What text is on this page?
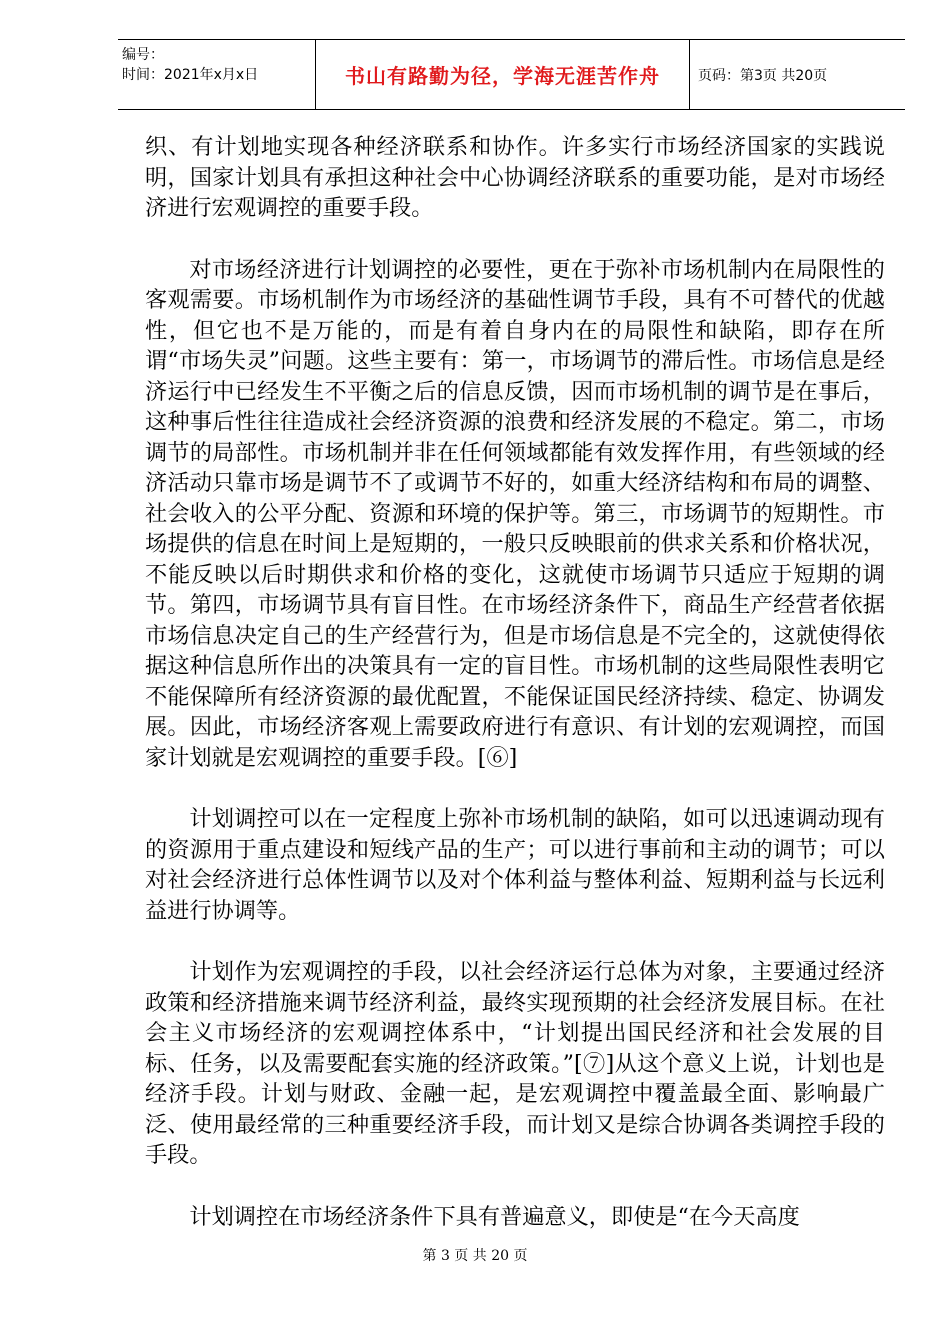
编号：
时间：2021年x月x日	书山有路勤为径，学海无涯苦作舟	页码：第3页 共20页

织、有计划地实现各种经济联系和协作。许多实行市场经济国家的实践说明，国家计划具有承担这种社会中心协调经济联系的重要功能，是对市场经济进行宏观调控的重要手段。

对市场经济进行计划调控的必要性，更在于弥补市场机制内在局限性的客观需要。市场机制作为市场经济的基础性调节手段，具有不可替代的优越性，但它也不是万能的，而是有着自身内在的局限性和缺陷，即存在所谓“市场失灵”问题。这些主要有：第一，市场调节的滞后性。市场信息是经济运行中已经发生不平衡之后的信息反馈，因而市场机制的调节是在事后，这种事后性往往造成社会经济资源的浪费和经济发展的不稳定。第二，市场调节的局部性。市场机制并非在任何领域都能有效发挥作用，有些领域的经济活动只靠市场是调节不了或调节不好的，如重大经济结构和布局的调整、社会收入的公平分配、资源和环境的保护等。第三，市场调节的短期性。市场提供的信息在时间上是短期的，一般只反映眼前的供求关系和价格状况，不能反映以后时期供求和价格的变化，这就使市场调节只适应于短期的调节。第四，市场调节具有盲目性。在市场经济条件下，商品生产经营者依据市场信息决定自己的生产经营行为，但是市场信息是不完全的，这就使得依据这种信息所作出的决策具有一定的盲目性。市场机制的这些局限性表明它不能保障所有经济资源的最优配置，不能保证国民经济持续、稳定、协调发展。因此，市场经济客观上需要政府进行有意识、有计划的宏观调控，而国家计划就是宏观调控的重要手段。[⑥]

计划调控可以在一定程度上弥补市场机制的缺陷，如可以迅速调动现有的资源用于重点建设和短线产品的生产；可以进行事前和主动的调节；可以对社会经济进行总体性调节以及对个体利益与整体利益、短期利益与长远利益进行协调等。

计划作为宏观调控的手段，以社会经济运行总体为对象，主要通过经济政策和经济措施来调节经济利益，最终实现预期的社会经济发展目标。在社会主义市场经济的宏观调控体系中，“计划提出国民经济和社会发展的目标、任务，以及需要配套实施的经济政策。”[⑦]从这个意义上说，计划也是经济手段。计划与财政、金融一起，是宏观调控中覆盖最全面、影响最广泛、使用最经常的三种重要经济手段，而计划又是综合协调各类调控手段的手段。

计划调控在市场经济条件下具有普遍意义，即使是“在今天高度

第 3 页 共 20 页
